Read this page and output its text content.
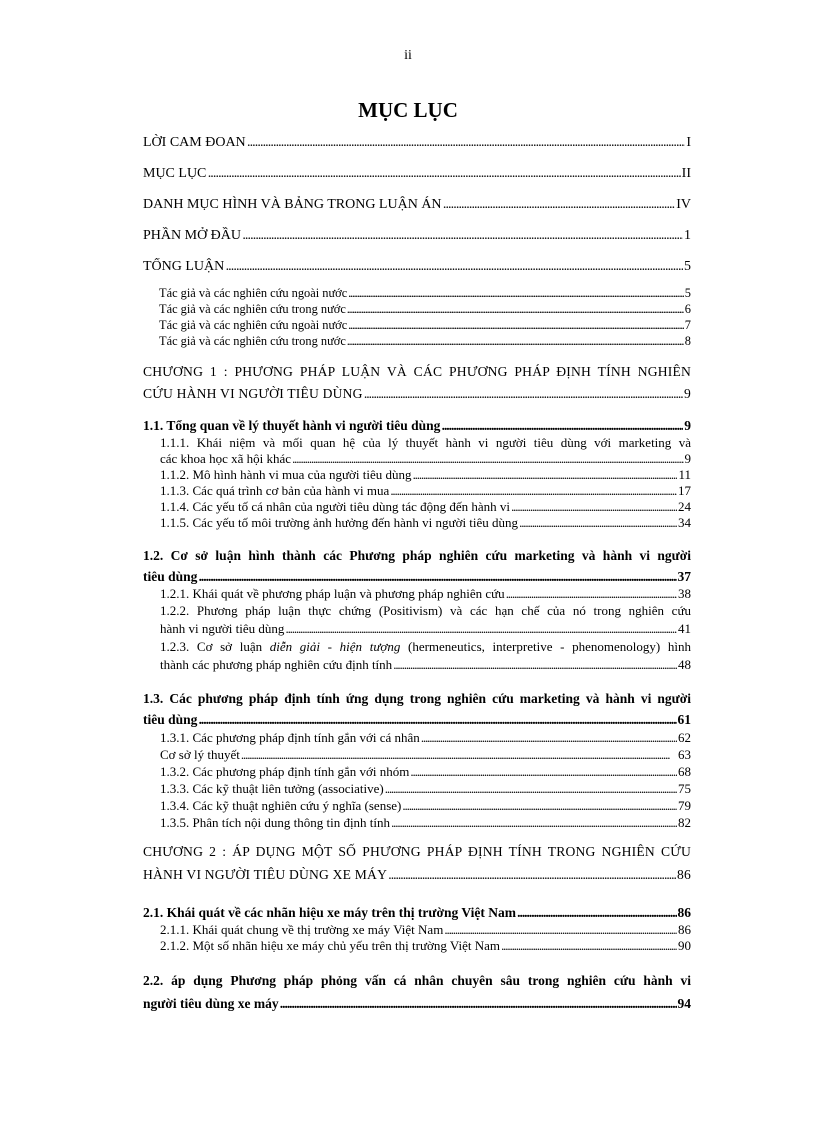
ii
MỤC LỤC
LỜI CAM ĐOAN . . .	I
MỤC LỤC . . .	II
DANH MỤC HÌNH VÀ BẢNG TRONG LUẬN ÁN . . .	IV
PHẦN MỞ ĐẦU . . .	1
TỔNG LUẬN . . .	5
Tác giả và các nghiên cứu ngoài nước . . .	5
Tác giả và các nghiên cứu trong nước . . .	6
Tác giả và các nghiên cứu ngoài nước . . .	7
Tác giả và các nghiên cứu trong nước . . .	8
CHƯƠNG 1 : PHƯƠNG PHÁP LUẬN VÀ CÁC PHƯƠNG PHÁP ĐỊNH TÍNH NGHIÊN
CỨU HÀNH VI NGƯỜI TIÊU DÙNG . . .	9
1.1. Tổng quan về lý thuyết hành vi người tiêu dùng . . .	9
1.1.1. Khái niệm và mối quan hệ của lý thuyết hành vi người tiêu dùng với marketing và
các khoa học xã hội khác . . .	9
1.1.2. Mô hình hành vi mua của người tiêu dùng . . .	11
1.1.3. Các quá trình cơ bản của hành vi mua . . .	17
1.1.4. Các yếu tố cá nhân của người tiêu dùng tác động đến hành vi . . .	24
1.1.5. Các yếu tố môi trường ảnh hưởng đến hành vi người tiêu dùng . . .	34
1.2. Cơ sở luận hình thành các Phương pháp nghiên cứu marketing và hành vi người
tiêu dùng . . .	37
1.2.1. Khái quát về phương pháp luận và phương pháp nghiên cứu . . .	38
1.2.2. Phương pháp luận thực chứng (Positivism) và các hạn chế của nó trong nghiên cứu
hành vi người tiêu dùng . . .	41
1.2.3. Cơ sở luận diễn giải - hiện tượng (hermeneutics, interpretive - phenomenology) hình
thành các phương pháp nghiên cứu định tính . . .	48
1.3. Các phương pháp định tính ứng dụng trong nghiên cứu marketing và hành vi người
tiêu dùng . . .	61
1.3.1. Các phương pháp định tính gắn với cá nhân . . .	62
Cơ sở lý thuyết . . .	63
1.3.2. Các phương pháp định tính gắn với nhóm . . .	68
1.3.3. Các kỹ thuật liên tưởng (associative) . . .	75
1.3.4. Các kỹ thuật nghiên cứu ý nghĩa (sense) . . .	79
1.3.5. Phân tích nội dung thông tin định tính . . .	82
CHƯƠNG 2 : ÁP DỤNG MỘT SỐ PHƯƠNG PHÁP ĐỊNH TÍNH TRONG NGHIÊN CỨU
HÀNH VI NGƯỜI TIÊU DÙNG XE MÁY . . .	86
2.1. Khái quát về các nhãn hiệu xe máy trên thị trường Việt Nam . . .	86
2.1.1. Khái quát chung về thị trường xe máy Việt Nam . . .	86
2.1.2. Một số nhãn hiệu xe máy chủ yếu trên thị trường Việt Nam . . .	90
2.2. áp dụng Phương pháp phỏng vấn cá nhân chuyên sâu trong nghiên cứu hành vi
người tiêu dùng xe máy . . .	94
